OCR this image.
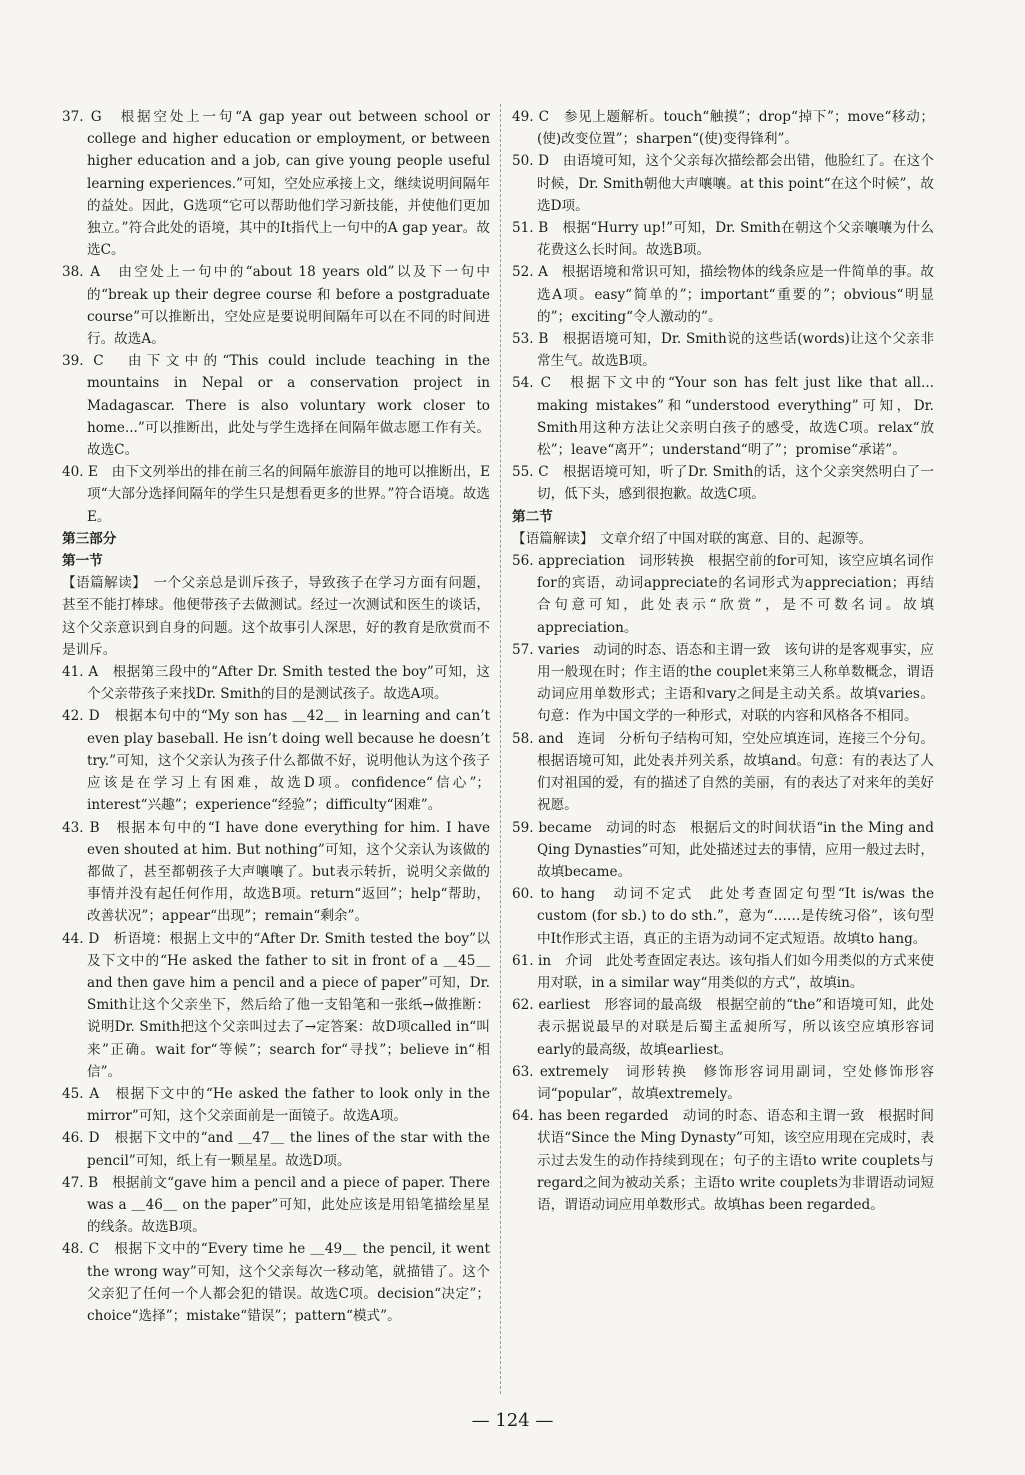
37. G　根据空处上一句“A gap year out between school or college and higher education or employment, or between higher education and a job, can give young people useful learning experiences.”可知，空处应承接上文，继续说明间隔年的益处。因此，G选项“它可以帮助他们学习新技能，并使他们更加独立。”符合此处的语境，其中的It指代上一句中的A gap year。故选C。

38. A　由空处上一句中的“about 18 years old”以及下一句中的“break up their degree course 和 before a postgraduate course”可以推断出，空处应是要说明间隔年可以在不同的时间进行。故选A。

39. C　由下文中的“This could include teaching in the mountains in Nepal or a conservation project in Madagascar. There is also voluntary work closer to home...”可以推断出，此处与学生选择在间隔年做志愿工作有关。故选C。

40. E　由下文列举出的排在前三名的间隔年旅游目的地可以推断出，E项“大部分选择间隔年的学生只是想看更多的世界。”符合语境。故选E。

第三部分

第一节

【语篇解读】　一个父亲总是训斥孩子，导致孩子在学习方面有问题，甚至不能打棒球。他便带孩子去做测试。经过一次测试和医生的谈话，这个父亲意识到自身的问题。这个故事引人深思，好的教育是欣赏而不是训斥。

41. A　根据第三段中的“After Dr. Smith tested the boy”可知，这个父亲带孩子来找Dr. Smith的目的是测试孩子。故选A项。

42. D　根据本句中的“My son has ＿42＿ in learning and can’t even play baseball. He isn’t doing well because he doesn’t try.”可知，这个父亲认为孩子什么都做不好，说明他认为这个孩子应该是在学习上有困难，故选D项。confidence“信心”；interest“兴趣”；experience“经验”；difficulty“困难”。

43. B　根据本句中的“I have done everything for him. I have even shouted at him. But nothing”可知，这个父亲认为该做的都做了，甚至都朝孩子大声嚷嚷了。but表示转折，说明父亲做的事情并没有起任何作用，故选B项。return“返回”；help“帮助，改善状况”；appear“出现”；remain“剩余”。

44. D　析语境：根据上文中的“After Dr. Smith tested the boy”以及下文中的“He asked the father to sit in front of a ＿45＿ and then gave him a pencil and a piece of paper”可知，Dr. Smith让这个父亲坐下，然后给了他一支铅笔和一张纸→做推断：说明Dr. Smith把这个父亲叫过去了→定答案：故D项called in“叫来”正确。wait for“等候”；search for“寻找”；believe in“相信”。

45. A　根据下文中的“He asked the father to look only in the mirror”可知，这个父亲面前是一面镜子。故选A项。

46. D　根据下文中的“and ＿47＿ the lines of the star with the pencil”可知，纸上有一颗星星。故选D项。

47. B　根据前文“gave him a pencil and a piece of paper. There was a ＿46＿ on the paper”可知，此处应该是用铅笔描绘星星的线条。故选B项。

48. C　根据下文中的“Every time he ＿49＿ the pencil, it went the wrong way”可知，这个父亲每次一移动笔，就描错了。这个父亲犯了任何一个人都会犯的错误。故选C项。decision“决定”；choice“选择”；mistake“错误”；pattern“模式”。

49. C　参见上题解析。touch“触摸”；drop“掉下”；move“移动；(使)改变位置”；sharpen“(使)变得锋利”。

50. D　由语境可知，这个父亲每次描绘都会出错，他脸红了。在这个时候，Dr. Smith朝他大声嚷嚷。at this point“在这个时候”，故选D项。

51. B　根据“Hurry up!”可知，Dr. Smith在朝这个父亲嚷嚷为什么花费这么长时间。故选B项。

52. A　根据语境和常识可知，描绘物体的线条应是一件简单的事。故选A项。easy“简单的”；important“重要的”；obvious“明显的”；exciting“令人激动的”。

53. B　根据语境可知，Dr. Smith说的这些话(words)让这个父亲非常生气。故选B项。

54. C　根据下文中的“Your son has felt just like that all... making mistakes”和“understood everything”可知，Dr. Smith用这种方法让父亲明白孩子的感受，故选C项。relax“放松”；leave“离开”；understand“明了”；promise“承诺”。

55. C　根据语境可知，听了Dr. Smith的话，这个父亲突然明白了一切，低下头，感到很抱歉。故选C项。

第二节

【语篇解读】　文章介绍了中国对联的寓意、目的、起源等。

56. appreciation　词形转换　根据空前的for可知，该空应填名词作for的宾语，动词appreciate的名词形式为appreciation；再结合句意可知，此处表示“欣赏”，是不可数名词。故填appreciation。

57. varies　动词的时态、语态和主谓一致　该句讲的是客观事实，应用一般现在时；作主语的the couplet来第三人称单数概念，谓语动词应用单数形式；主语和vary之间是主动关系。故填varies。句意：作为中国文学的一种形式，对联的内容和风格各不相同。

58. and　连词　分析句子结构可知，空处应填连词，连接三个分句。根据语境可知，此处表并列关系，故填and。句意：有的表达了人们对祖国的爱，有的描述了自然的美丽，有的表达了对来年的美好祝愿。

59. became　动词的时态　根据后文的时间状语“in the Ming and Qing Dynasties”可知，此处描述过去的事情，应用一般过去时，故填became。

60. to hang　动词不定式　此处考查固定句型“It is/was the custom (for sb.) to do sth.”，意为“……是传统习俗”，该句型中It作形式主语，真正的主语为动词不定式短语。故填to hang。

61. in　介词　此处考查固定表达。该句指人们如今用类似的方式来使用对联，in a similar way“用类似的方式”，故填in。

62. earliest　形容词的最高级　根据空前的“the”和语境可知，此处表示据说最早的对联是后蜀主孟昶所写，所以该空应填形容词early的最高级，故填earliest。

63. extremely　词形转换　修饰形容词用副词，空处修饰形容词“popular”，故填extremely。

64. has been regarded　动词的时态、语态和主谓一致　根据时间状语“Since the Ming Dynasty”可知，该空应用现在完成时，表示过去发生的动作持续到现在；句子的主语to write couplets与regard之间为被动关系；主语to write couplets为非谓语动词短语，谓语动词应用单数形式。故填has been regarded。

— 124 —
